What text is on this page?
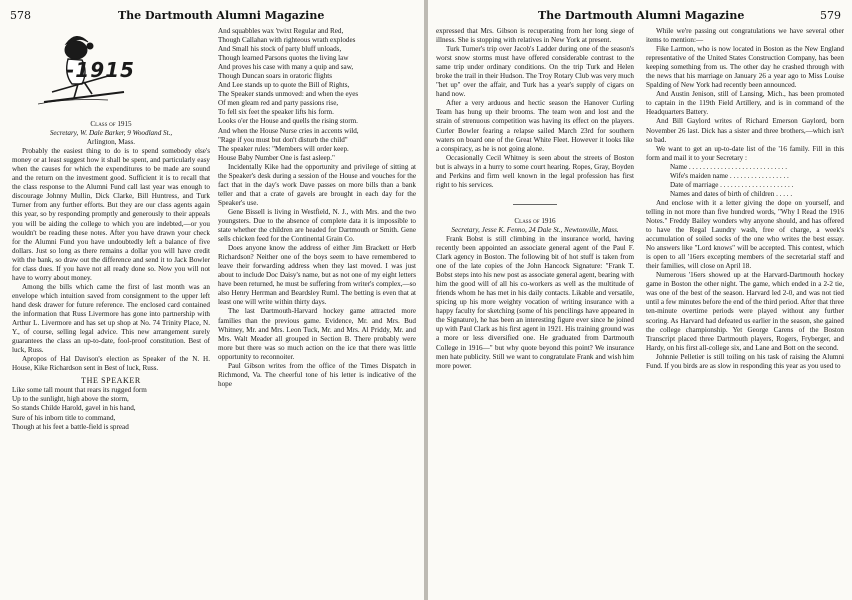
578	The Dartmouth Alumni Magazine
-1915

Class of 1915

Secretary, W. Dale Barker, 9 Woodland St.,

Arlington, Mass.

Probably the easiest thing to do is to spend somebody else's money or at least suggest how it shall be spent, and particularly easy when the causes for which the expenditures to be made are sound and the return on the investment good. Sufficient it is to recall that the class response to the Alumni Fund call last year was enough to discourage Johnny Mullin, Dick Clarke, Bill Huntress, and Turk Turner from any further efforts. But they are our class agents again this year, so by responding promptly and generously to their appeals you will be aiding the college to which you are indebted,—or you wouldn't be reading these notes. After you have drawn your check for the Alumni Fund you have undoubtedly left a balance of five dollars. Just so long as there remains a dollar you will have credit with the bank, so draw out the difference and send it to Jack Bowler for class dues. If you have not all ready done so. Now you will not have to worry about money.

Among the bills which came the first of last month was an envelope which intuition saved from consignment to the upper left hand desk drawer for future reference. The enclosed card contained the information that Russ Livermore has gone into partnership with Arthur L. Livermore and has set up shop at No. 74 Trinity Place, N. Y., of course, selling legal advice. This new arrangement surely guarantees the class an up-to-date, fool-proof constitution. Best of luck, Russ.

Apropos of Hal Davison's election as Speaker of the N. H. House, Kike Richardson sent in Best of luck, Russ.

THE SPEAKER

Like some tall mount that rears its rugged form

Up to the sunlight, high above the storm,

So stands Childe Harold, gavel in his hand,

Sure of his inborn title to command,

Though at his feet a battle-field is spread

And squabbles wax 'twixt Regular and Red,

Though Callahan with righteous wrath explodes

And Small his stock of party bluff unloads,

Though learned Parsons quotes the living law

And proves his case with many a quip and saw,

Though Duncan soars in oratoric flights

And Lee stands up to quote the Bill of Rights,

The Speaker stands unmoved: and when the eyes

Of men gleam red and party passions rise,

To fell six feet the speaker lifts his form.

Looks o'er the House and quells the rising storm.

And when the House Nurse cries in accents wild,

"Rage if you must but don't disturb the child"

The speaker rules: "Members will order keep.

House Baby Number One is fast asleep."

Incidentally Kike had the opportunity and privilege of sitting at the Speaker's desk during a session of the House and vouches for the fact that in the day's work Dave passes on more bills than a bank teller and that a crate of gavels are brought in each day for the Speaker's use.

Gene Bissell is living in Westfield, N. J., with Mrs. and the two youngsters. Due to the absence of complete data it is impossible to state whether the children are headed for Dartmouth or Smith. Gene sells chicken feed for the Continental Grain Co.

Does anyone know the address of either Jim Brackett or Herb Richardson? Neither one of the boys seem to have remembered to leave their forwarding address when they last moved. I was just about to include Doc Daisy's name, but as not one of my eight letters have been returned, he must be suffering from writer's complex,—so also Henry Herrman and Beardsley Ruml. The betting is even that at least one will write within thirty days.

The last Dartmouth-Harvard hockey game attracted more families than the previous game. Evidence, Mr. and Mrs. Bud Whitney, Mr. and Mrs. Leon Tuck, Mr. and Mrs. Al Priddy, Mr. and Mrs. Walt Meader all grouped in Section B. There probably were more but there was so much action on the ice that there was little opportunity to reconnoiter.

Paul Gibson writes from the office of the Times Dispatch in Richmond, Va. The cheerful tone of his letter is indicative of the hope

The Dartmouth Alumni Magazine	579

expressed that Mrs. Gibson is recuperating from her long siege of illness. She is stopping with relatives in New York at present.

Turk Turner's trip over Jacob's Ladder during one of the season's worst snow storms must have offered considerable contrast to the same trip under ordinary conditions. On the trip Turk and Helen broke the trail in their Hudson. The Troy Rotary Club was very much "het up" over the affair, and Turk has a year's supply of cigars on hand now.

After a very arduous and hectic season the Hanover Curling Team has hung up their brooms. The team won and lost and the strain of strenuous competition was having its effect on the players. Curler Bowler fearing a relapse sailed March 23rd for southern waters on board one of the Great White Fleet. However it looks like a conspiracy, as he is not going alone.

Occasionally Cecil Whitney is seen about the streets of Boston but is always in a hurry to some court hearing. Ropes, Gray, Boyden and Perkins and firm well known in the legal profession has first right to his services.

Class of 1916

Secretary, Jesse K. Fenno, 24 Dale St., Newtonville, Mass.

Frank Bobst is still climbing in the insurance world, having recently been appointed an associate general agent of the Paul F. Clark agency in Boston. The following bit of hot stuff is taken from one of the late copies of the John Hancock Signature: "Frank T. Bobst steps into his new post as associate general agent, bearing with him the good will of all his co-workers as well as the multitude of friends whom he has met in his daily contacts. Likable and versatile, spicing up his more weighty vocation of writing insurance with a happy faculty for sketching (some of his pencilings have appeared in the Signature), he has been an interesting figure ever since he joined up with Paul Clark as his first agent in 1921. His training ground was a more or less diversified one. He graduated from Dartmouth College in 1916—" but why quote beyond this point? We insurance men hate publicity. Still we want to congratulate Frank and wish him more power.

While we're passing out congratulations we have several other items to mention:—

Fike Larmon, who is now located in Boston as the New England representative of the United States Construction Company, has been keeping something from us. The other day he crashed through with the news that his marriage on January 26 a year ago to Miss Louise Spalding of New York had recently been announced.

And Austin Jenison, still of Lansing, Mich., has been promoted to captain in the 119th Field Artillery, and is in command of the Headquarters Battery.

And Bill Gaylord writes of Richard Emerson Gaylord, born November 26 last. Dick has a sister and three brothers,—which isn't so bad.

We want to get an up-to-date list of the '16 family. Fill in this form and mail it to your Secretary :

Name . . . . . . . . . . . . . . . . . . . . . . . . . . . .

Wife's maiden name . . . . . . . . . . . . . . . . .

Date of marriage . . . . . . . . . . . . . . . . . . . . .

Names and dates of birth of children . . . . .

And enclose with it a letter giving the dope on yourself, and telling in not more than five hundred words, "Why I Read the 1916 Notes." Freddy Bailey wonders why anyone should, and has offered to have the Regal Laundry wash, free of charge, a week's accumulation of soiled socks of the one who writes the best essay. No answers like "Lord knows" will be accepted. This contest, which is open to all '16ers excepting members of the secretarial staff and their families, will close on April 18.

Numerous '16ers showed up at the Harvard-Dartmouth hockey game in Boston the other night. The game, which ended in a 2-2 tie, was one of the best of the season. Harvard led 2-0, and was not tied until a few minutes before the end of the third period. After that three ten-minute overtime periods were played without any further scoring. As Harvard had defeated us earlier in the season, she gained the college championship. Yet George Carens of the Boston Transcript placed three Dartmouth players, Rogers, Fryberger, and Hardy, on his first all-college six, and Lane and Bott on the second.

Johnnie Pelletier is still toiling on his task of raising the Alumni Fund. If you birds are as slow in responding this year as you used to
